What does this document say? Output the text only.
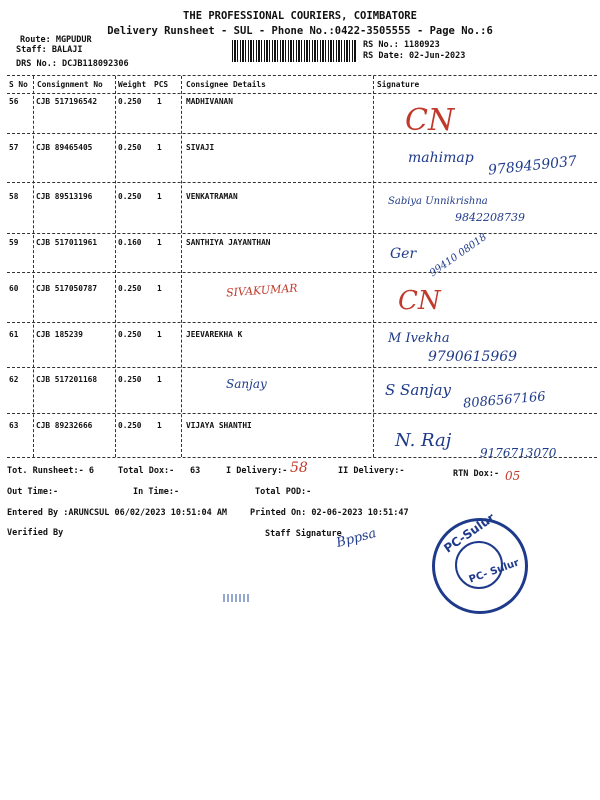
THE PROFESSIONAL COURIERS, COIMBATORE
Delivery Runsheet - SUL - Phone No.:0422-3505555 - Page No.:6
Route: MGPUDUR
Staff: BALAJI
DRS No.: DCJB118092306
RS No.: 1180923
RS Date: 02-Jun-2023
S No Consignment No Weight PCS Consignee Details	Signature
56 CJB 517196542	0.250 1	MADHIVANAN
CN
57 CJB 89465405	0.250 1	SIVAJI
mahimap 9789459037
58 CJB 89513196	0.250 1	VENKATRAMAN	Sabiya Unnikrishna
9842208739
59 CJB 517011961	0.160 1	SANTHIYA JAYANTHAN
Ger 99410 08018
60 CJB 517050787	0.250 1	SIVAKUMAR	CN
61 CJB 185239	0.250 1	JEEVAREKHA K	M Ivekha
9790615969
62 CJB 517201168	0.250 1	Sanjay	S Sanjay 8086567166
63 CJB 89232666	0.250 1	VIJAYA SHANTHI
N. Raj
9176713070
Tot. Runsheet:- 6	Total Dox:- 63	I Delivery:- 58	II Delivery:-	RTN Dox:- 05
Out Time:-	In Time:-	Total POD:-
Entered By :ARUNCSUL 06/02/2023 10:51:04 AM	Printed On: 02-06-2023 10:51:47
Verified By	Staff Signature
Bppsa	PC-Sulur
PC- Sulur
